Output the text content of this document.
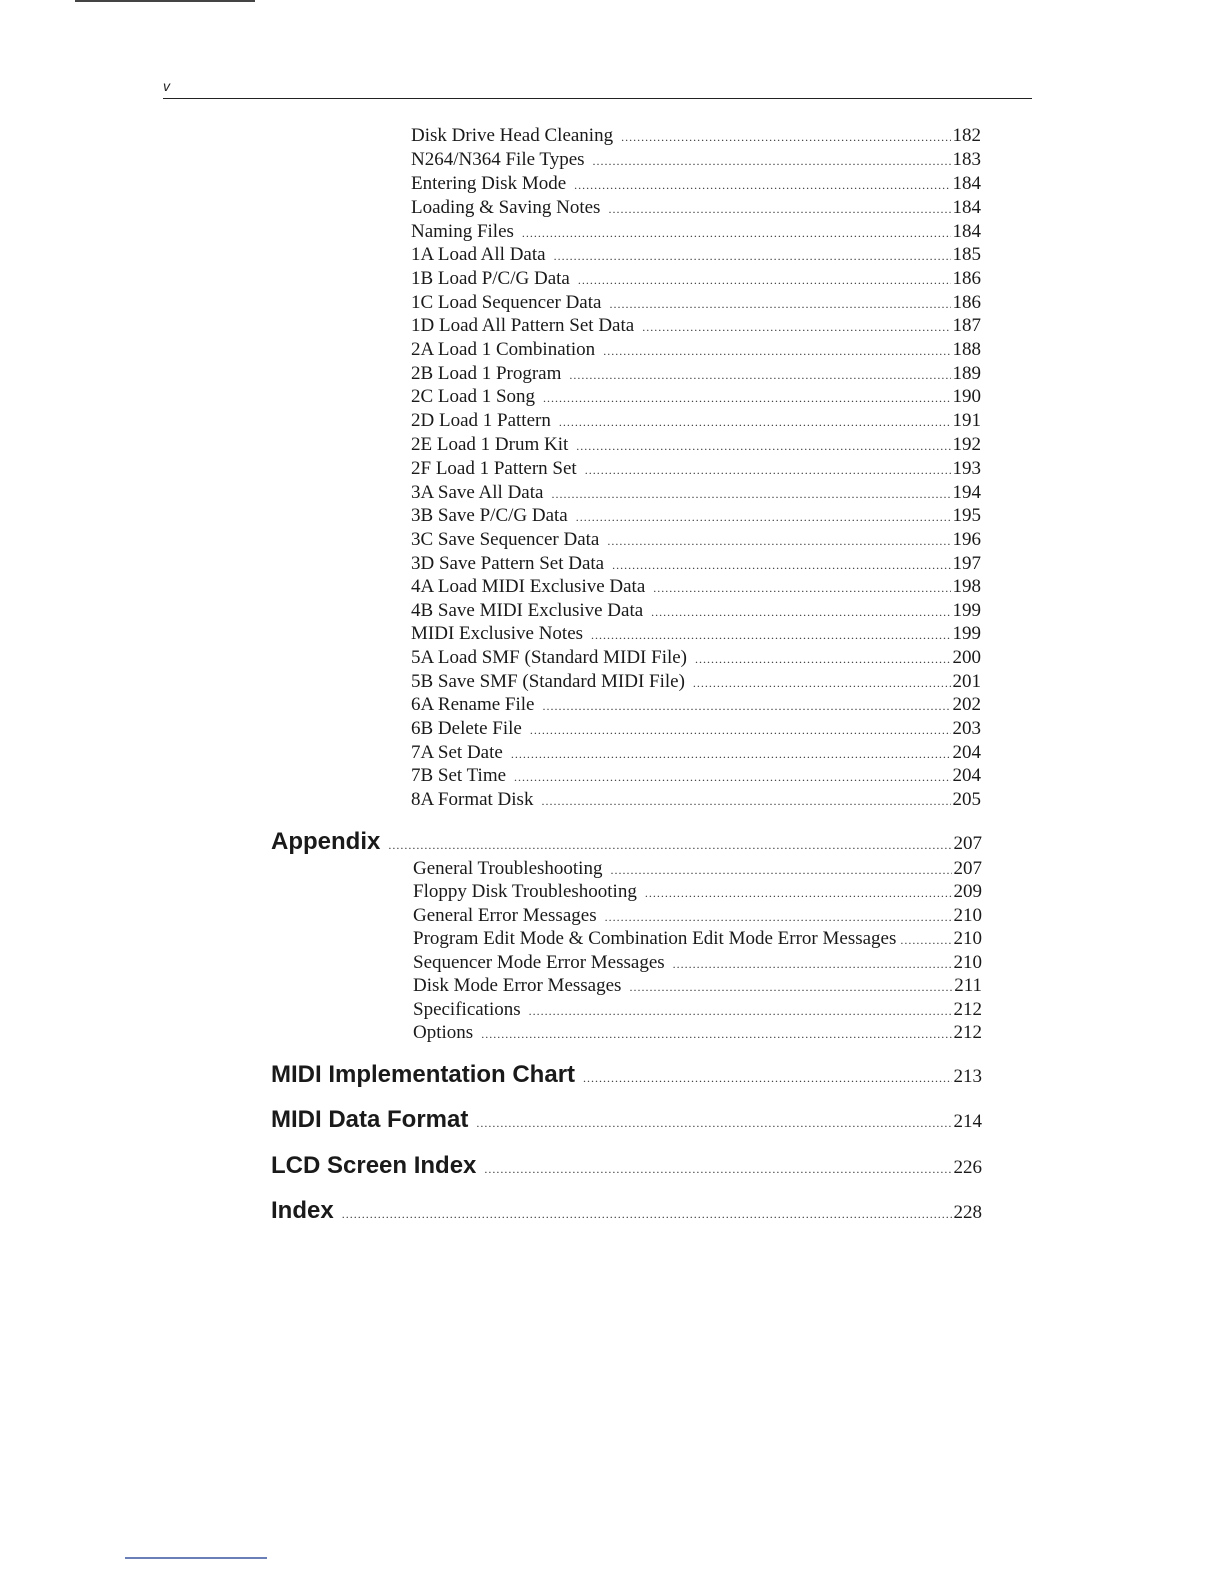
v
Disk Drive Head Cleaning .....	182
N264/N364 File Types .....	183
Entering Disk Mode .....	184
Loading & Saving Notes .....	184
Naming Files .....	184
1A Load All Data .....	185
1B Load P/C/G Data .....	186
1C Load Sequencer Data .....	186
1D Load All Pattern Set Data .....	187
2A Load 1 Combination .....	188
2B Load 1 Program .....	189
2C Load 1 Song .....	190
2D Load 1 Pattern .....	191
2E Load 1 Drum Kit .....	192
2F Load 1 Pattern Set .....	193
3A Save All Data .....	194
3B Save P/C/G Data .....	195
3C Save Sequencer Data .....	196
3D Save Pattern Set Data .....	197
4A Load MIDI Exclusive Data .....	198
4B Save MIDI Exclusive Data .....	199
MIDI Exclusive Notes .....	199
5A Load SMF (Standard MIDI File) .....	200
5B Save SMF (Standard MIDI File) .....	201
6A Rename File .....	202
6B Delete File .....	203
7A Set Date .....	204
7B Set Time .....	204
8A Format Disk .....	205
Appendix .....	207
General Troubleshooting .....	207
Floppy Disk Troubleshooting .....	209
General Error Messages .....	210
Program Edit Mode & Combination Edit Mode Error Messages .....	210
Sequencer Mode Error Messages .....	210
Disk Mode Error Messages .....	211
Specifications .....	212
Options .....	212
MIDI Implementation Chart .....	213
MIDI Data Format .....	214
LCD Screen Index .....	226
Index .....	228
